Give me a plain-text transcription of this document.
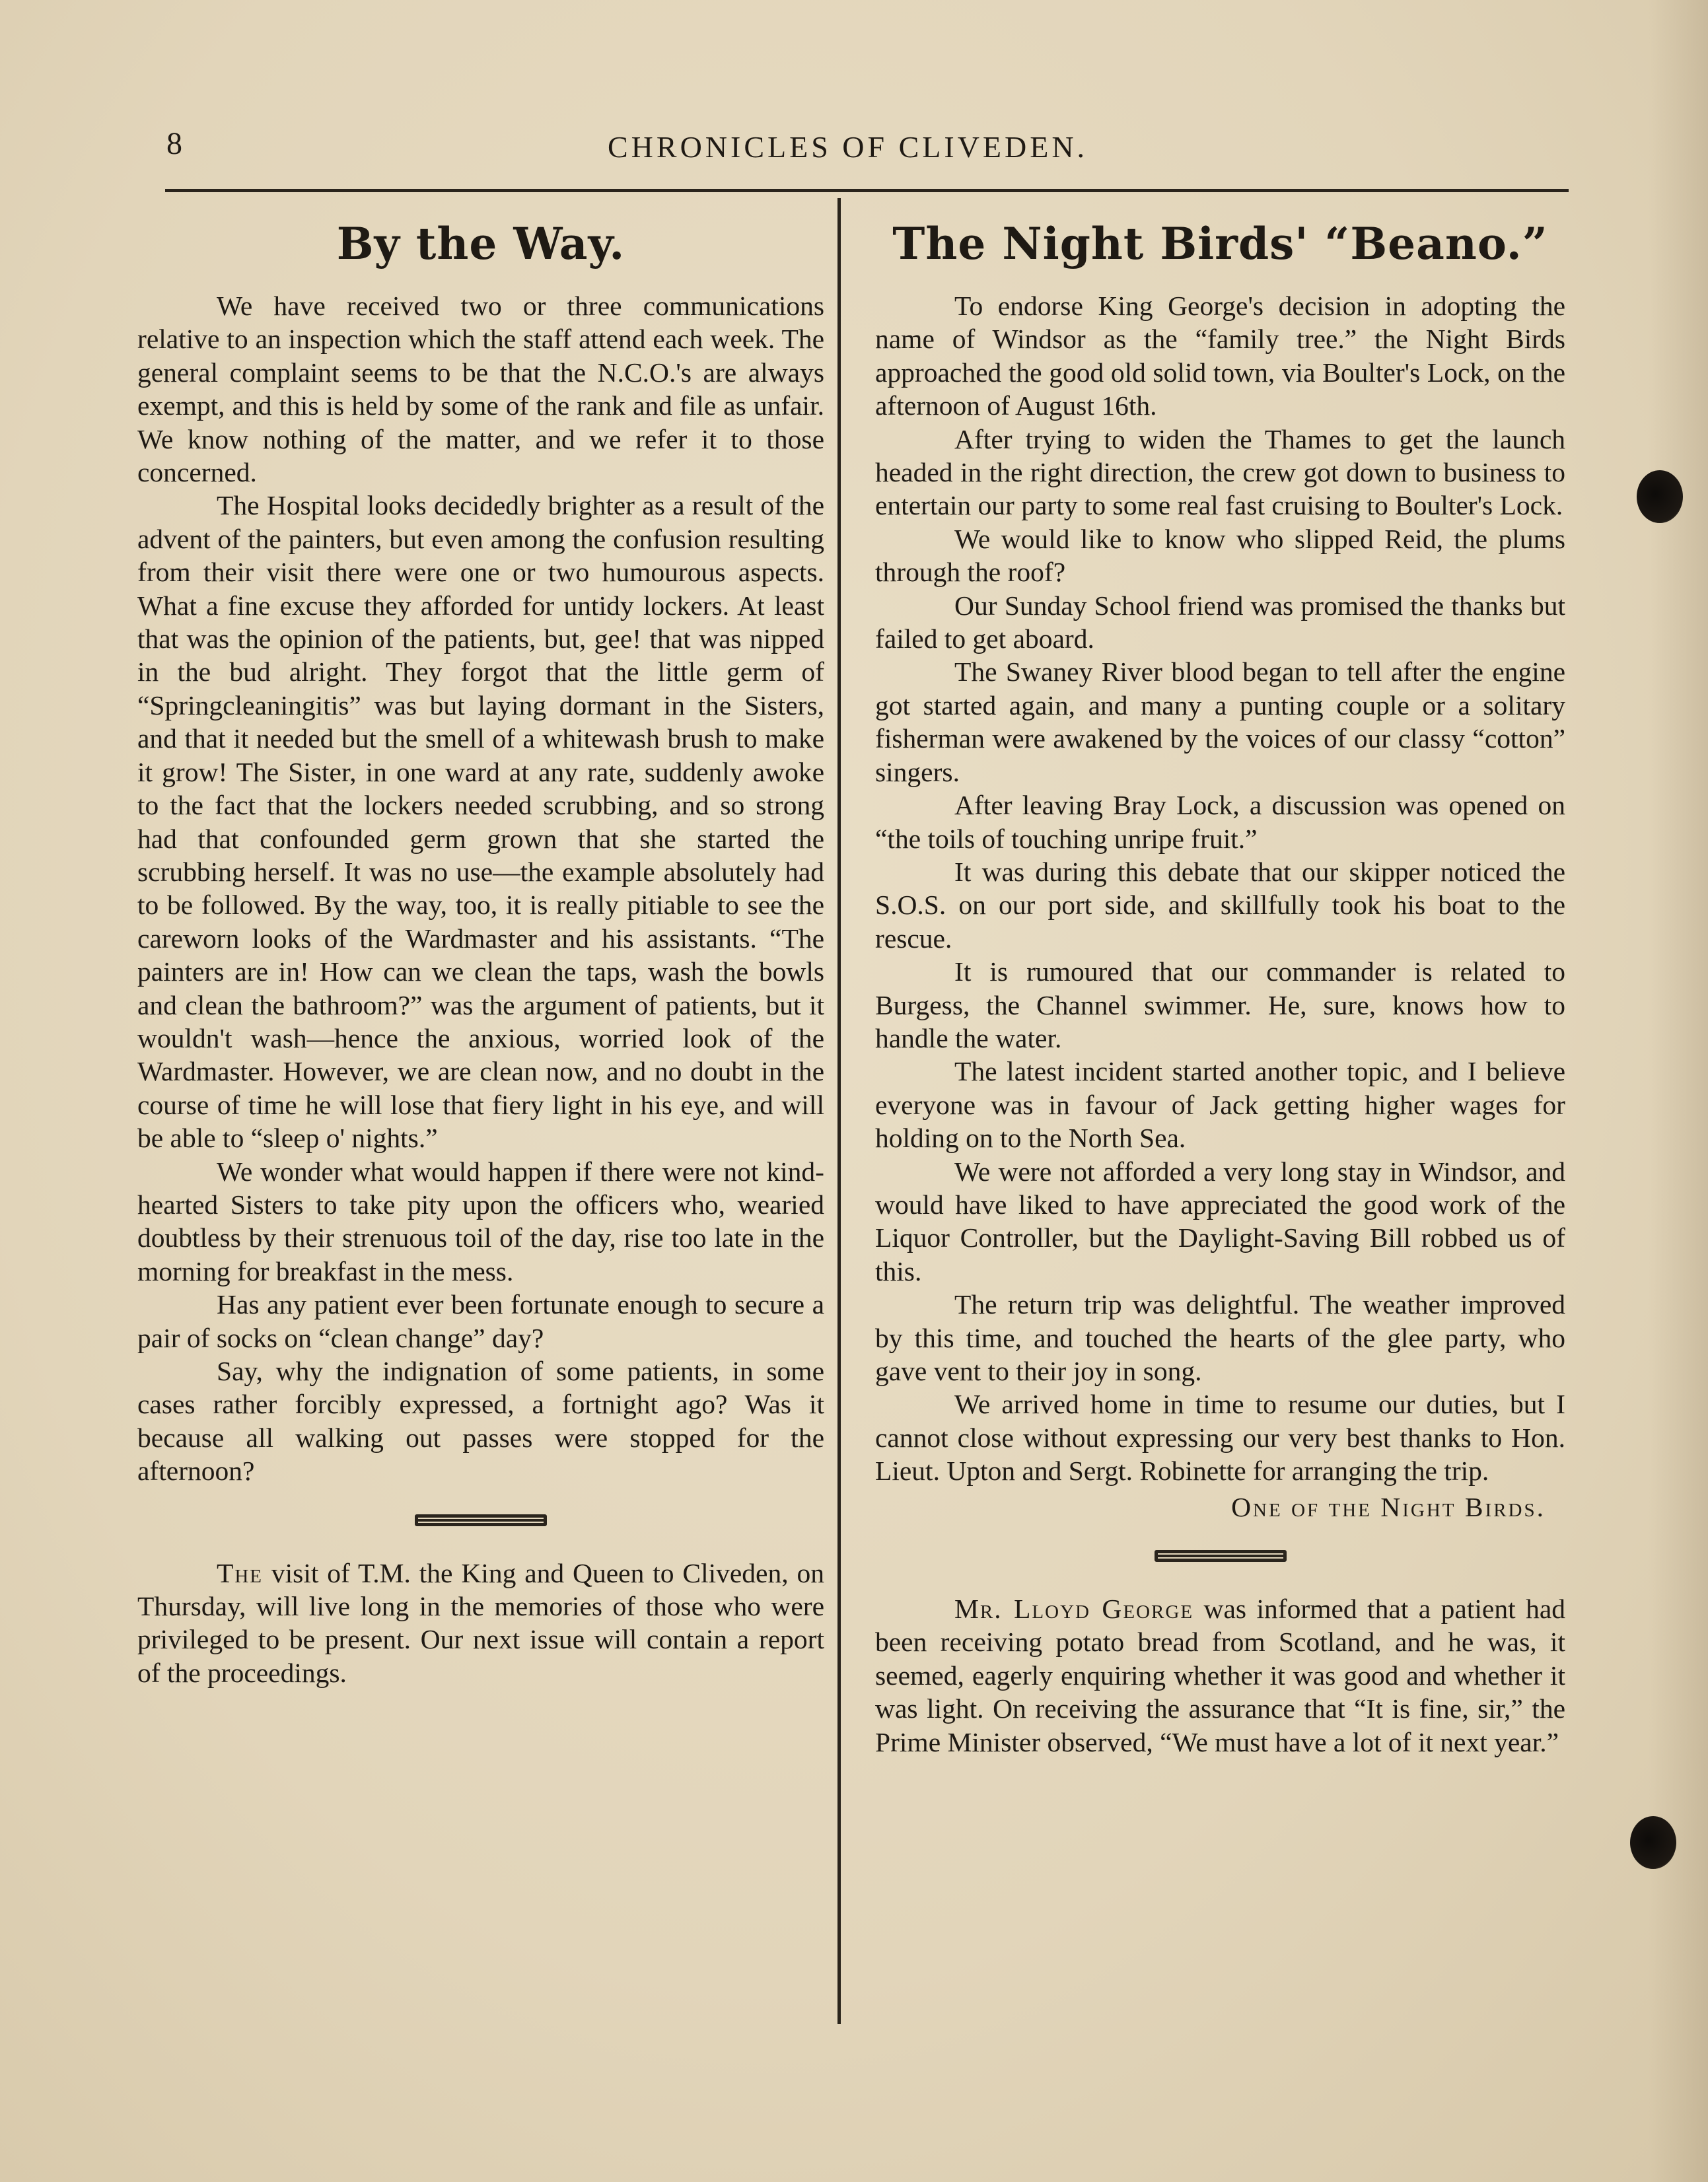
8	CHRONICLES OF CLIVEDEN.
By the Way.

We have received two or three communications relative to an inspection which the staff attend each week. The general complaint seems to be that the N.C.O.'s are always exempt, and this is held by some of the rank and file as unfair. We know nothing of the matter, and we refer it to those concerned.

The Hospital looks decidedly brighter as a result of the advent of the painters, but even among the confusion resulting from their visit there were one or two humourous aspects. What a fine excuse they afforded for untidy lockers. At least that was the opinion of the patients, but, gee! that was nipped in the bud alright. They forgot that the little germ of “Springcleaningitis” was but laying dormant in the Sisters, and that it needed but the smell of a whitewash brush to make it grow! The Sister, in one ward at any rate, suddenly awoke to the fact that the lockers needed scrubbing, and so strong had that confounded germ grown that she started the scrubbing herself. It was no use—the example absolutely had to be followed. By the way, too, it is really pitiable to see the careworn looks of the Wardmaster and his assistants. “The painters are in! How can we clean the taps, wash the bowls and clean the bathroom?” was the argument of patients, but it wouldn't wash—hence the anxious, worried look of the Wardmaster. However, we are clean now, and no doubt in the course of time he will lose that fiery light in his eye, and will be able to “sleep o' nights.”

We wonder what would happen if there were not kind-hearted Sisters to take pity upon the officers who, wearied doubtless by their strenuous toil of the day, rise too late in the morning for breakfast in the mess.

Has any patient ever been fortunate enough to secure a pair of socks on “clean change” day?

Say, why the indignation of some patients, in some cases rather forcibly expressed, a fortnight ago? Was it because all walking out passes were stopped for the afternoon?

The visit of T.M. the King and Queen to Cliveden, on Thursday, will live long in the memories of those who were privileged to be present. Our next issue will contain a report of the proceedings.

The Night Birds' “Beano.”

To endorse King George's decision in adopting the name of Windsor as the “family tree.” the Night Birds approached the good old solid town, via Boulter's Lock, on the afternoon of August 16th.

After trying to widen the Thames to get the launch headed in the right direction, the crew got down to business to entertain our party to some real fast cruising to Boulter's Lock.

We would like to know who slipped Reid, the plums through the roof?

Our Sunday School friend was promised the thanks but failed to get aboard.

The Swaney River blood began to tell after the engine got started again, and many a punting couple or a solitary fisherman were awakened by the voices of our classy “cotton” singers.

After leaving Bray Lock, a discussion was opened on “the toils of touching unripe fruit.”

It was during this debate that our skipper noticed the S.O.S. on our port side, and skillfully took his boat to the rescue.

It is rumoured that our commander is related to Burgess, the Channel swimmer. He, sure, knows how to handle the water.

The latest incident started another topic, and I believe everyone was in favour of Jack getting higher wages for holding on to the North Sea.

We were not afforded a very long stay in Windsor, and would have liked to have appreciated the good work of the Liquor Controller, but the Daylight-Saving Bill robbed us of this.

The return trip was delightful. The weather improved by this time, and touched the hearts of the glee party, who gave vent to their joy in song.

We arrived home in time to resume our duties, but I cannot close without expressing our very best thanks to Hon. Lieut. Upton and Sergt. Robinette for arranging the trip.

One of the Night Birds.

Mr. Lloyd George was informed that a patient had been receiving potato bread from Scotland, and he was, it seemed, eagerly enquiring whether it was good and whether it was light. On receiving the assurance that “It is fine, sir,” the Prime Minister observed, “We must have a lot of it next year.”
